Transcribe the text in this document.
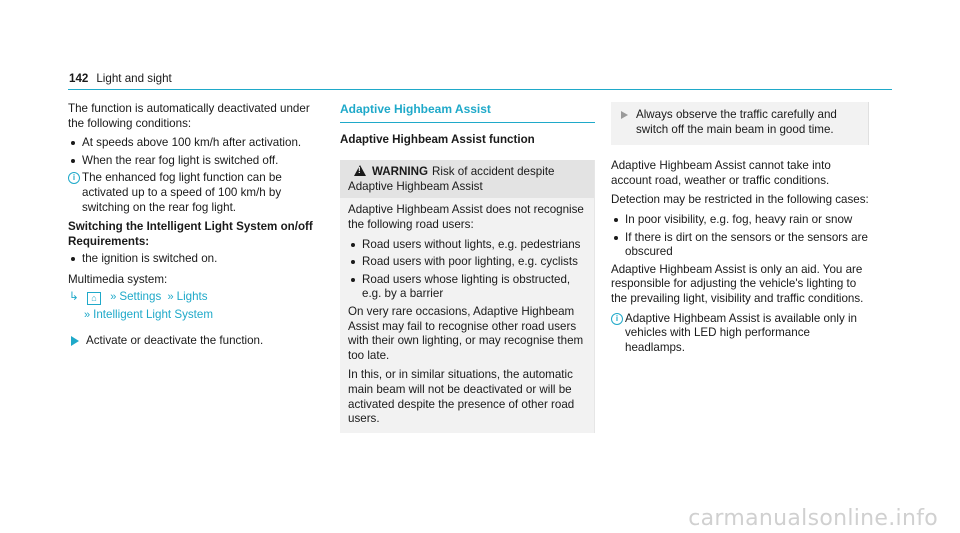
142 Light and sight

The function is automatically deactivated under the following conditions:

At speeds above 100 km/h after activation.
When the rear fog light is switched off.
i The enhanced fog light function can be activated up to a speed of 100 km/h by switching on the rear fog light.

Switching the Intelligent Light System on/off

Requirements:

the ignition is switched on.

Multimedia system:

↳ ⌂ » Settings » Lights
» Intelligent Light System
Activate or deactivate the function.
Adaptive Highbeam Assist
Adaptive Highbeam Assist function
!WARNING Risk of accident despite Adaptive Highbeam Assist

Adaptive Highbeam Assist does not recognise the following road users:

Road users without lights, e.g. pedestrians
Road users with poor lighting, e.g. cyclists
Road users whose lighting is obstructed, e.g. by a barrier

On very rare occasions, Adaptive Highbeam Assist may fail to recognise other road users with their own lighting, or may recognise them too late.

In this, or in similar situations, the automatic main beam will not be deactivated or will be activated despite the presence of other road users.

Always observe the traffic carefully and switch off the main beam in good time.

Adaptive Highbeam Assist cannot take into account road, weather or traffic conditions.

Detection may be restricted in the following cases:

In poor visibility, e.g. fog, heavy rain or snow
If there is dirt on the sensors or the sensors are obscured

Adaptive Highbeam Assist is only an aid. You are responsible for adjusting the vehicle's lighting to the prevailing light, visibility and traffic conditions.

i Adaptive Highbeam Assist is available only in vehicles with LED high performance headlamps.
carmanualsonline.info
